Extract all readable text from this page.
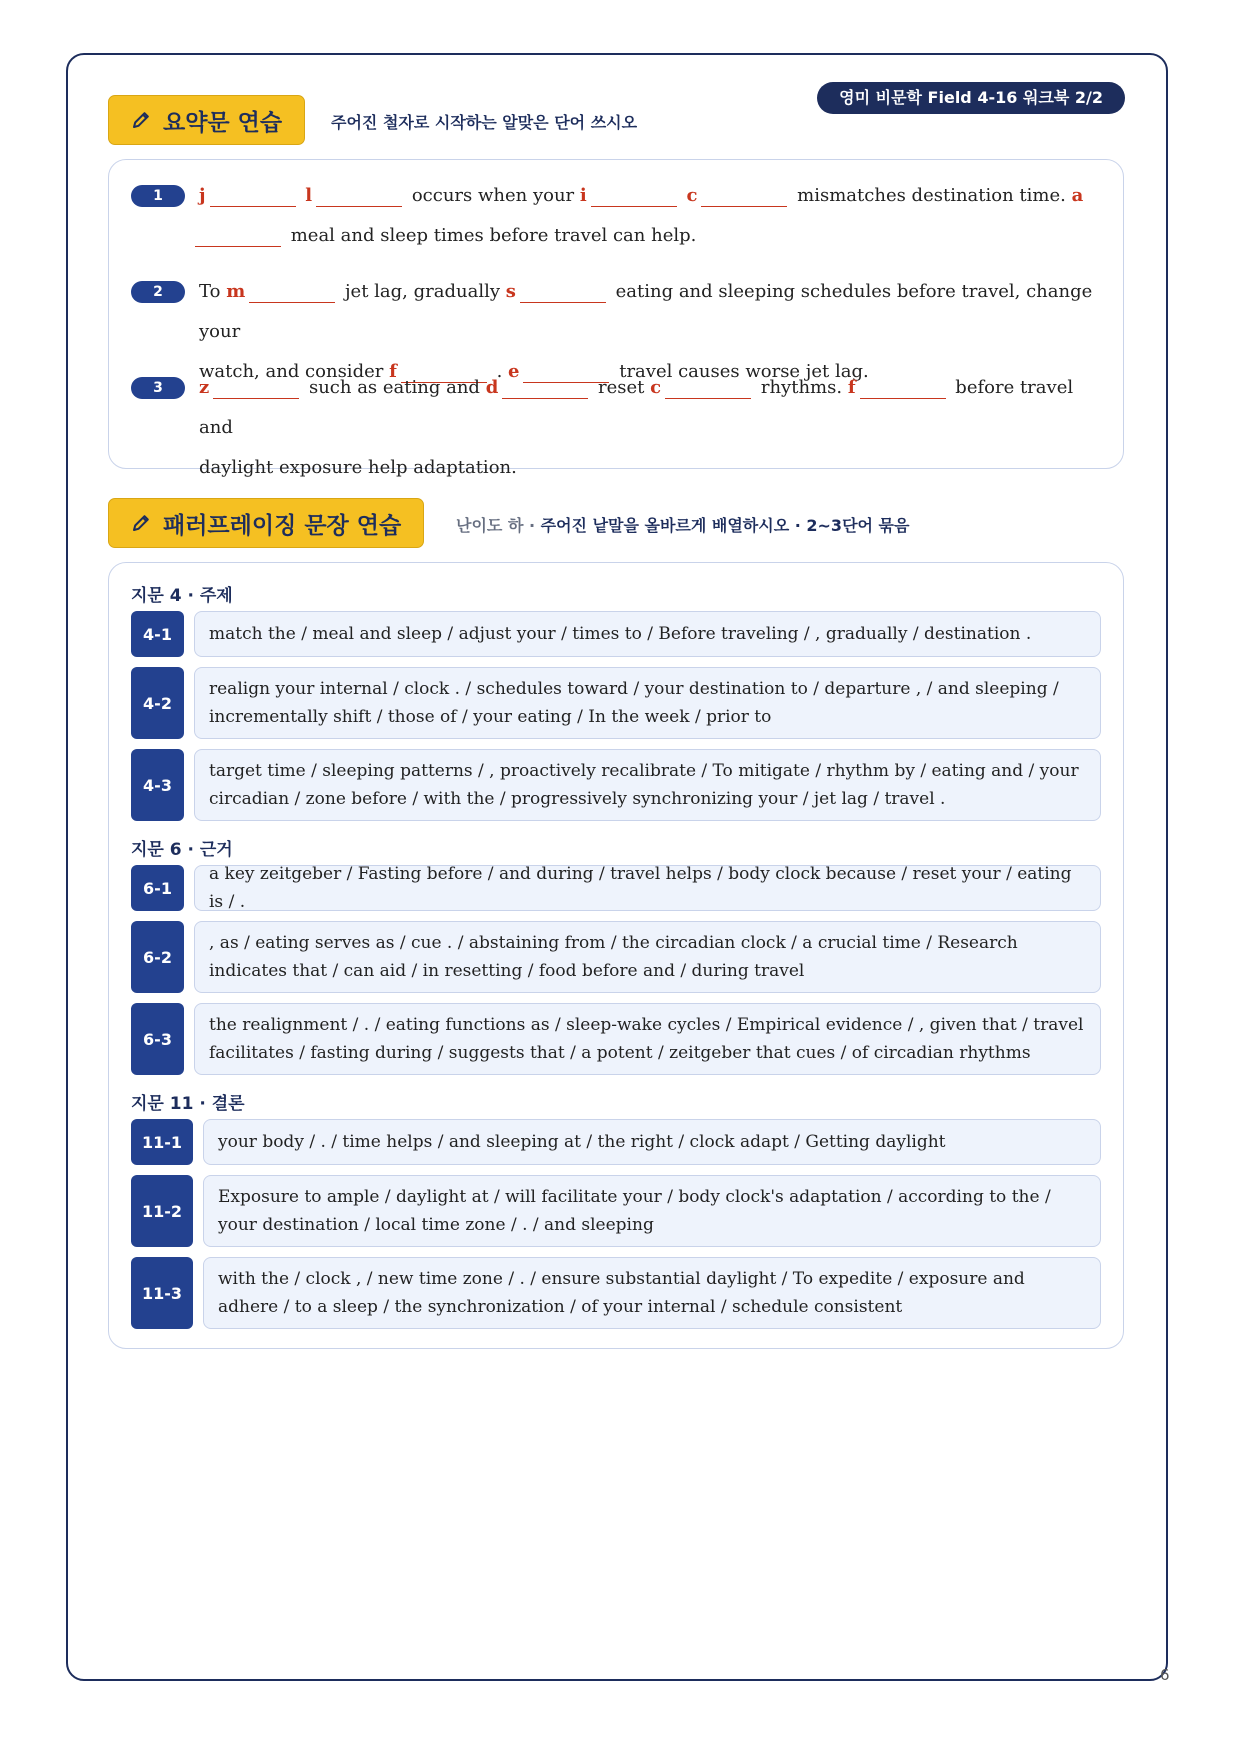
영미 비문학 Field 4-16 워크북 2/2
요약문 연습	주어진 철자로 시작하는 알맞은 단어 쓰시오
1	j	l	occurs when your i	c	mismatches destination time. a
meal and sleep times before travel can help.
2	To m	jet lag, gradually s	eating and sleeping schedules before travel, change your
watch, and consider f	. e	travel causes worse jet lag.
3	z	such as eating and d	reset c	rhythms. f	before travel and
daylight exposure help adaptation.
패러프레이징 문장 연습	난이도 하 · 주어진 낱말을 올바르게 배열하시오 · 2~3단어 묶음
지문 4 · 주제
4-1	match the / meal and sleep / adjust your / times to / Before traveling / , gradually / destination .
4-2
realign your internal / clock . / schedules toward / your destination to / departure , / and sleeping / incrementally shift / those of / your eating / In the week / prior to
4-3
target time / sleeping patterns / , proactively recalibrate / To mitigate / rhythm by / eating and / your circadian / zone before / with the / progressively synchronizing your / jet lag / travel .
지문 6 · 근거
6-1
a key zeitgeber / Fasting before / and during / travel helps / body clock because / reset your / eating is / .
6-2
, as / eating serves as / cue . / abstaining from / the circadian clock / a crucial time / Research indicates that / can aid / in resetting / food before and / during travel
6-3
the realignment / . / eating functions as / sleep-wake cycles / Empirical evidence / , given that / travel facilitates / fasting during / suggests that / a potent / zeitgeber that cues / of circadian rhythms
지문 11 · 결론
11-1	your body / . / time helps / and sleeping at / the right / clock adapt / Getting daylight
11-2
Exposure to ample / daylight at / will facilitate your / body clock's adaptation / according to the / your destination / local time zone / . / and sleeping
11-3
with the / clock , / new time zone / . / ensure substantial daylight / To expedite / exposure and adhere / to a sleep / the synchronization / of your internal / schedule consistent
6
